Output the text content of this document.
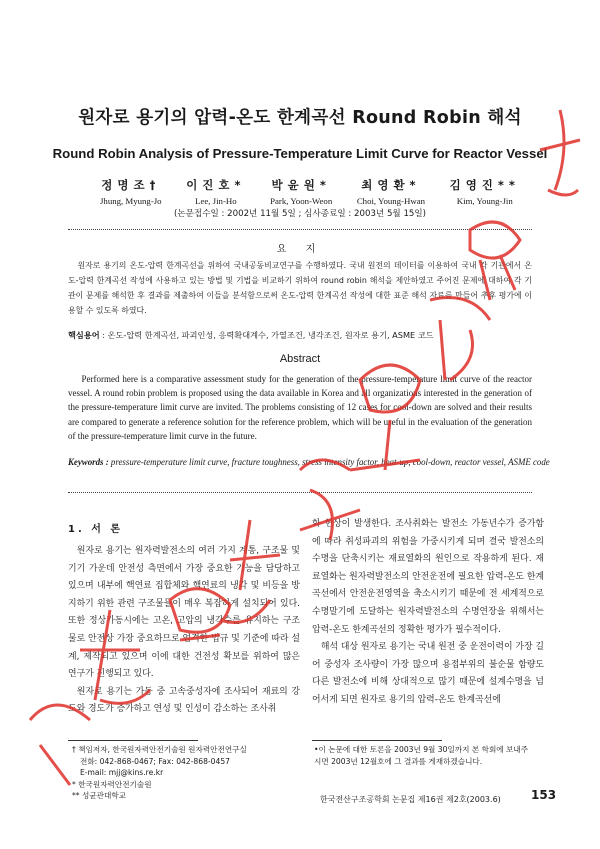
원자로 용기의 압력-온도 한계곡선 Round Robin 해석
Round Robin Analysis of Pressure-Temperature Limit Curve for Reactor Vessel
정명조†
Jhung, Myung-Jo
이진호*
Lee, Jin-Ho
박윤원*
Park, Yoon-Weon
최영환*
Choi, Young-Hwan
김영진**
Kim, Young-Jin
(논문접수일 : 2002년 11월 5일 ; 심사종료일 : 2003년 5월 15일)
요 지
원자로 용기의 온도-압력 한계곡선을 위하여 국내공동비교연구를 수행하였다. 국내 원전의 데이터를 이용하여 국내 각 기관에서 온도-압력 한계곡선 작성에 사용하고 있는 방법 및 기법을 비교하기 위하여 round robin 해석을 제안하였고 주어진 문제에 대하여 각 기관이 문제를 해석한 후 결과를 제출하여 이들을 분석함으로써 온도-압력 한계곡선 작성에 대한 표준 해석 자료를 만들어 추후 평가에 이용할 수 있도록 하였다.
핵심용어 : 온도-압력 한계곡선, 파괴인성, 응력확대계수, 가열조건, 냉각조건, 원자로 용기, ASME 코드
Abstract
Performed here is a comparative assessment study for the generation of the pressure-temperature limit curve of the reactor vessel. A round robin problem is proposed using the data available in Korea and all organizations interested in the generation of the pressure-temperature limit curve are invited. The problems consisting of 12 cases for cool-down are solved and their results are compared to generate a reference solution for the reference problem, which will be useful in the evaluation of the generation of the pressure-temperature limit curve in the future.
Keywords : pressure-temperature limit curve, fracture toughness, stress intensity factor, heat-up, cool-down, reactor vessel, ASME code
1. 서 론

원자로 용기는 원자력발전소의 여러 가지 계통, 구조물 및 기기 가운데 안전성 측면에서 가장 중요한 기능을 담당하고 있으며 내부에 핵연료 집합체와 핵연료의 냉각 및 비등을 방지하기 위한 관련 구조물들이 매우 복잡하게 설치되어 있다. 또한 정상가동시에는 고온, 고압의 냉각수를 유지하는 구조물로 안전상 가장 중요하므로 엄격한 법규 및 기준에 따라 설계, 제작되고 있으며 이에 대한 건전성 확보를 위하여 많은 연구가 진행되고 있다.

원자로 용기는 가동 중 고속중성자에 조사되어 재료의 강도와 경도가 증가하고 연성 및 인성이 감소하는 조사취

화 현상이 발생한다. 조사취화는 발전소 가동년수가 증가함에 따라 취성파괴의 위험을 가중시키게 되며 결국 발전소의 수명을 단축시키는 재료열화의 원인으로 작용하게 된다. 재료열화는 원자력발전소의 안전운전에 필요한 압력-온도 한계곡선에서 안전운전영역을 축소시키기 때문에 전 세계적으로 수명말기에 도달하는 원자력발전소의 수명연장을 위해서는 압력-온도 한계곡선의 정확한 평가가 필수적이다.

해석 대상 원자로 용기는 국내 원전 중 운전이력이 가장 길어 중성자 조사량이 가장 많으며 용접부위의 불순물 함량도 다른 발전소에 비해 상대적으로 많기 때문에 설계수명을 넘어서게 되면 원자로 용기의 압력-온도 한계곡선에

† 책임저자, 한국원자력안전기술원 원자력안전연구실
전화: 042-868-0467; Fax: 042-868-0457
E-mail: mjj@kins.re.kr
* 한국원자력안전기술원
** 성균관대학교
•이 논문에 대한 토론을 2003년 9월 30일까지 본 학회에 보내주시면 2003년 12월호에 그 결과를 게재하겠습니다.
한국전산구조공학회 논문집 제16권 제2호(2003.6)	153
